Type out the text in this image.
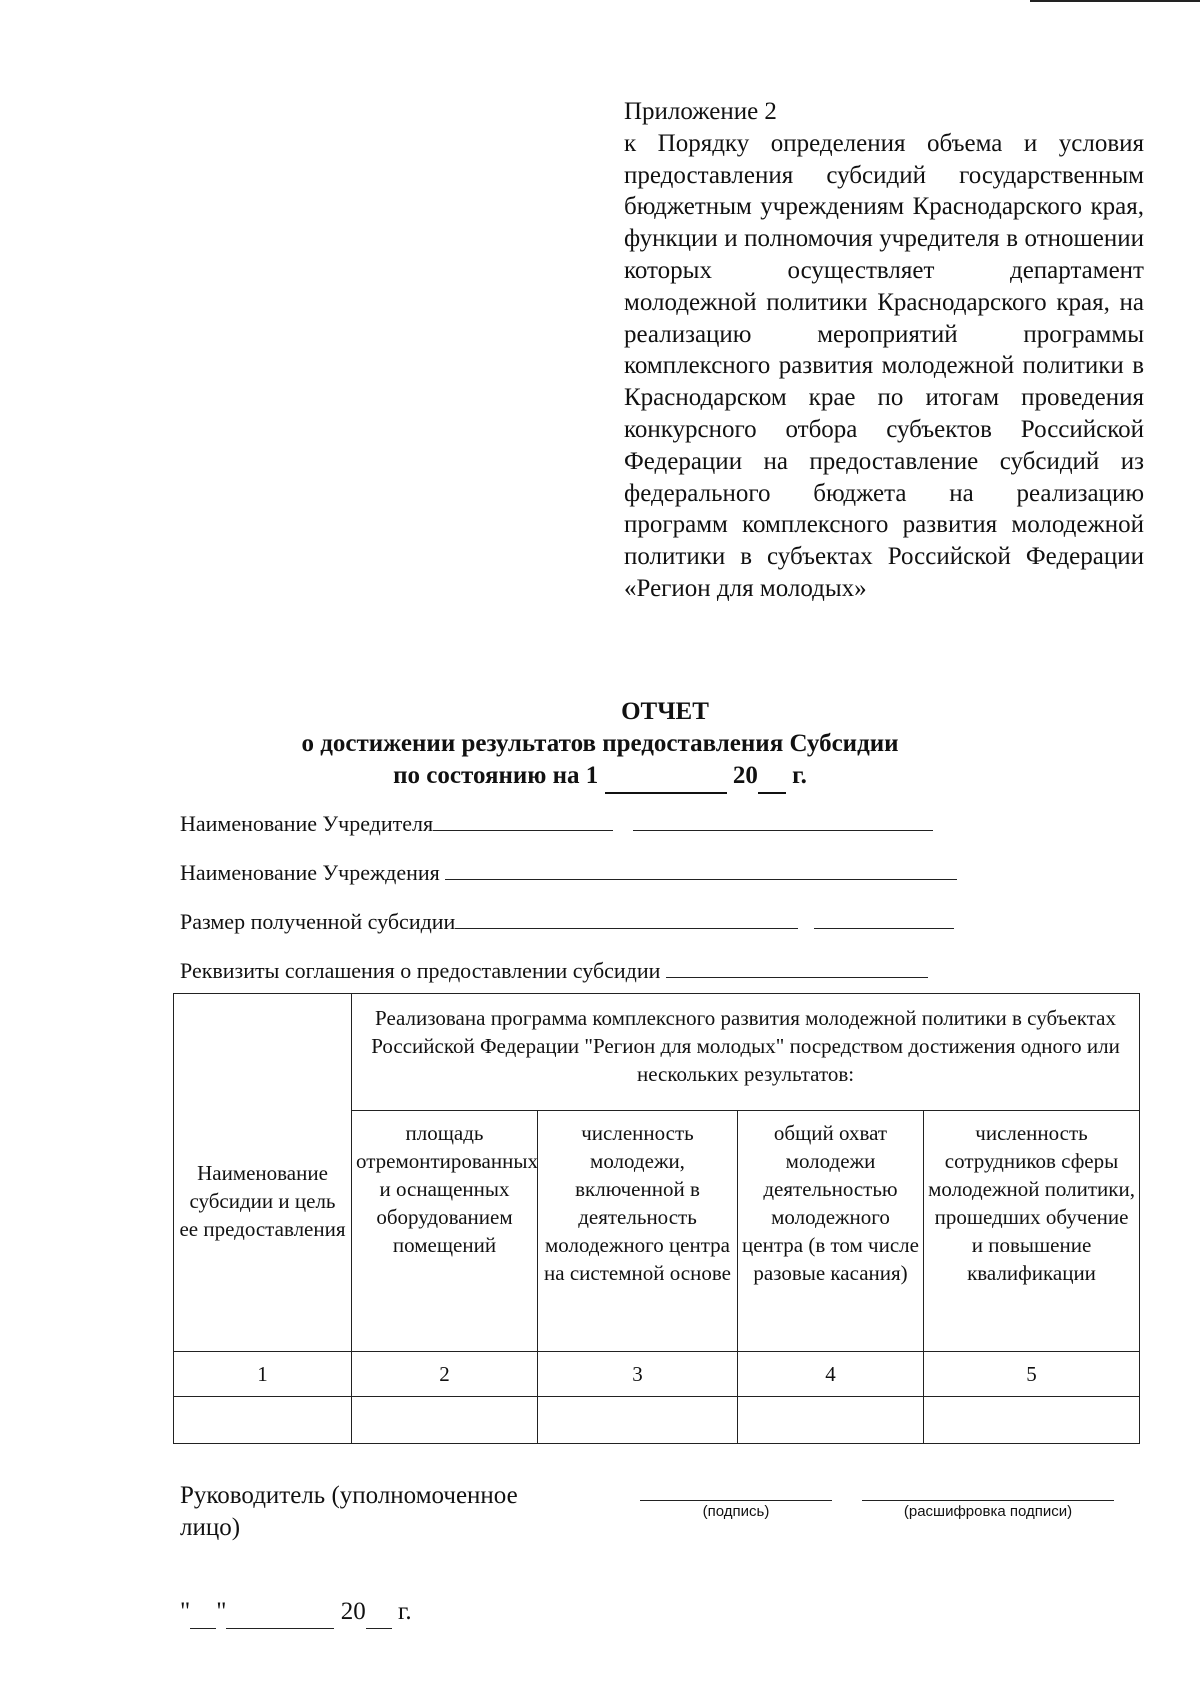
Приложение 2
к Порядку определения объема и условия предоставления субсидий государственным бюджетным учреждениям Краснодарского края, функции и полномочия учредителя в отношении которых осуществляет департамент молодежной политики Краснодарского края, на реализацию мероприятий программы комплексного развития молодежной политики в Краснодарском крае по итогам проведения конкурсного отбора субъектов Российской Федерации на предоставление субсидий из федерального бюджета на реализацию программ комплексного развития молодежной политики в субъектах Российской Федерации «Регион для молодых»
ОТЧЕТ
о достижении результатов предоставления Субсидии
по состоянию на 1	20 г.
Наименование Учредителя
Наименование Учреждения
Размер полученной субсидии
Реквизиты соглашения о предоставлении субсидии
Наименование субсидии и цель ее предоставления	Реализована программа комплексного развития молодежной политики в субъектах Российской Федерации "Регион для молодых" посредством достижения одного или нескольких результатов:			
	площадь отремонтированных и оснащенных оборудованием помещений	численность молодежи, включенной в деятельность молодежного центра на системной основе	общий охват молодежи деятельностью молодежного центра (в том числе разовые касания)	численность сотрудников сферы молодежной политики, прошедших обучение и повышение квалификации
1	2	3	4	5

Руководитель (уполномоченное лицо)
(подпись)	(расшифровка подписи)
" "	20 г.
